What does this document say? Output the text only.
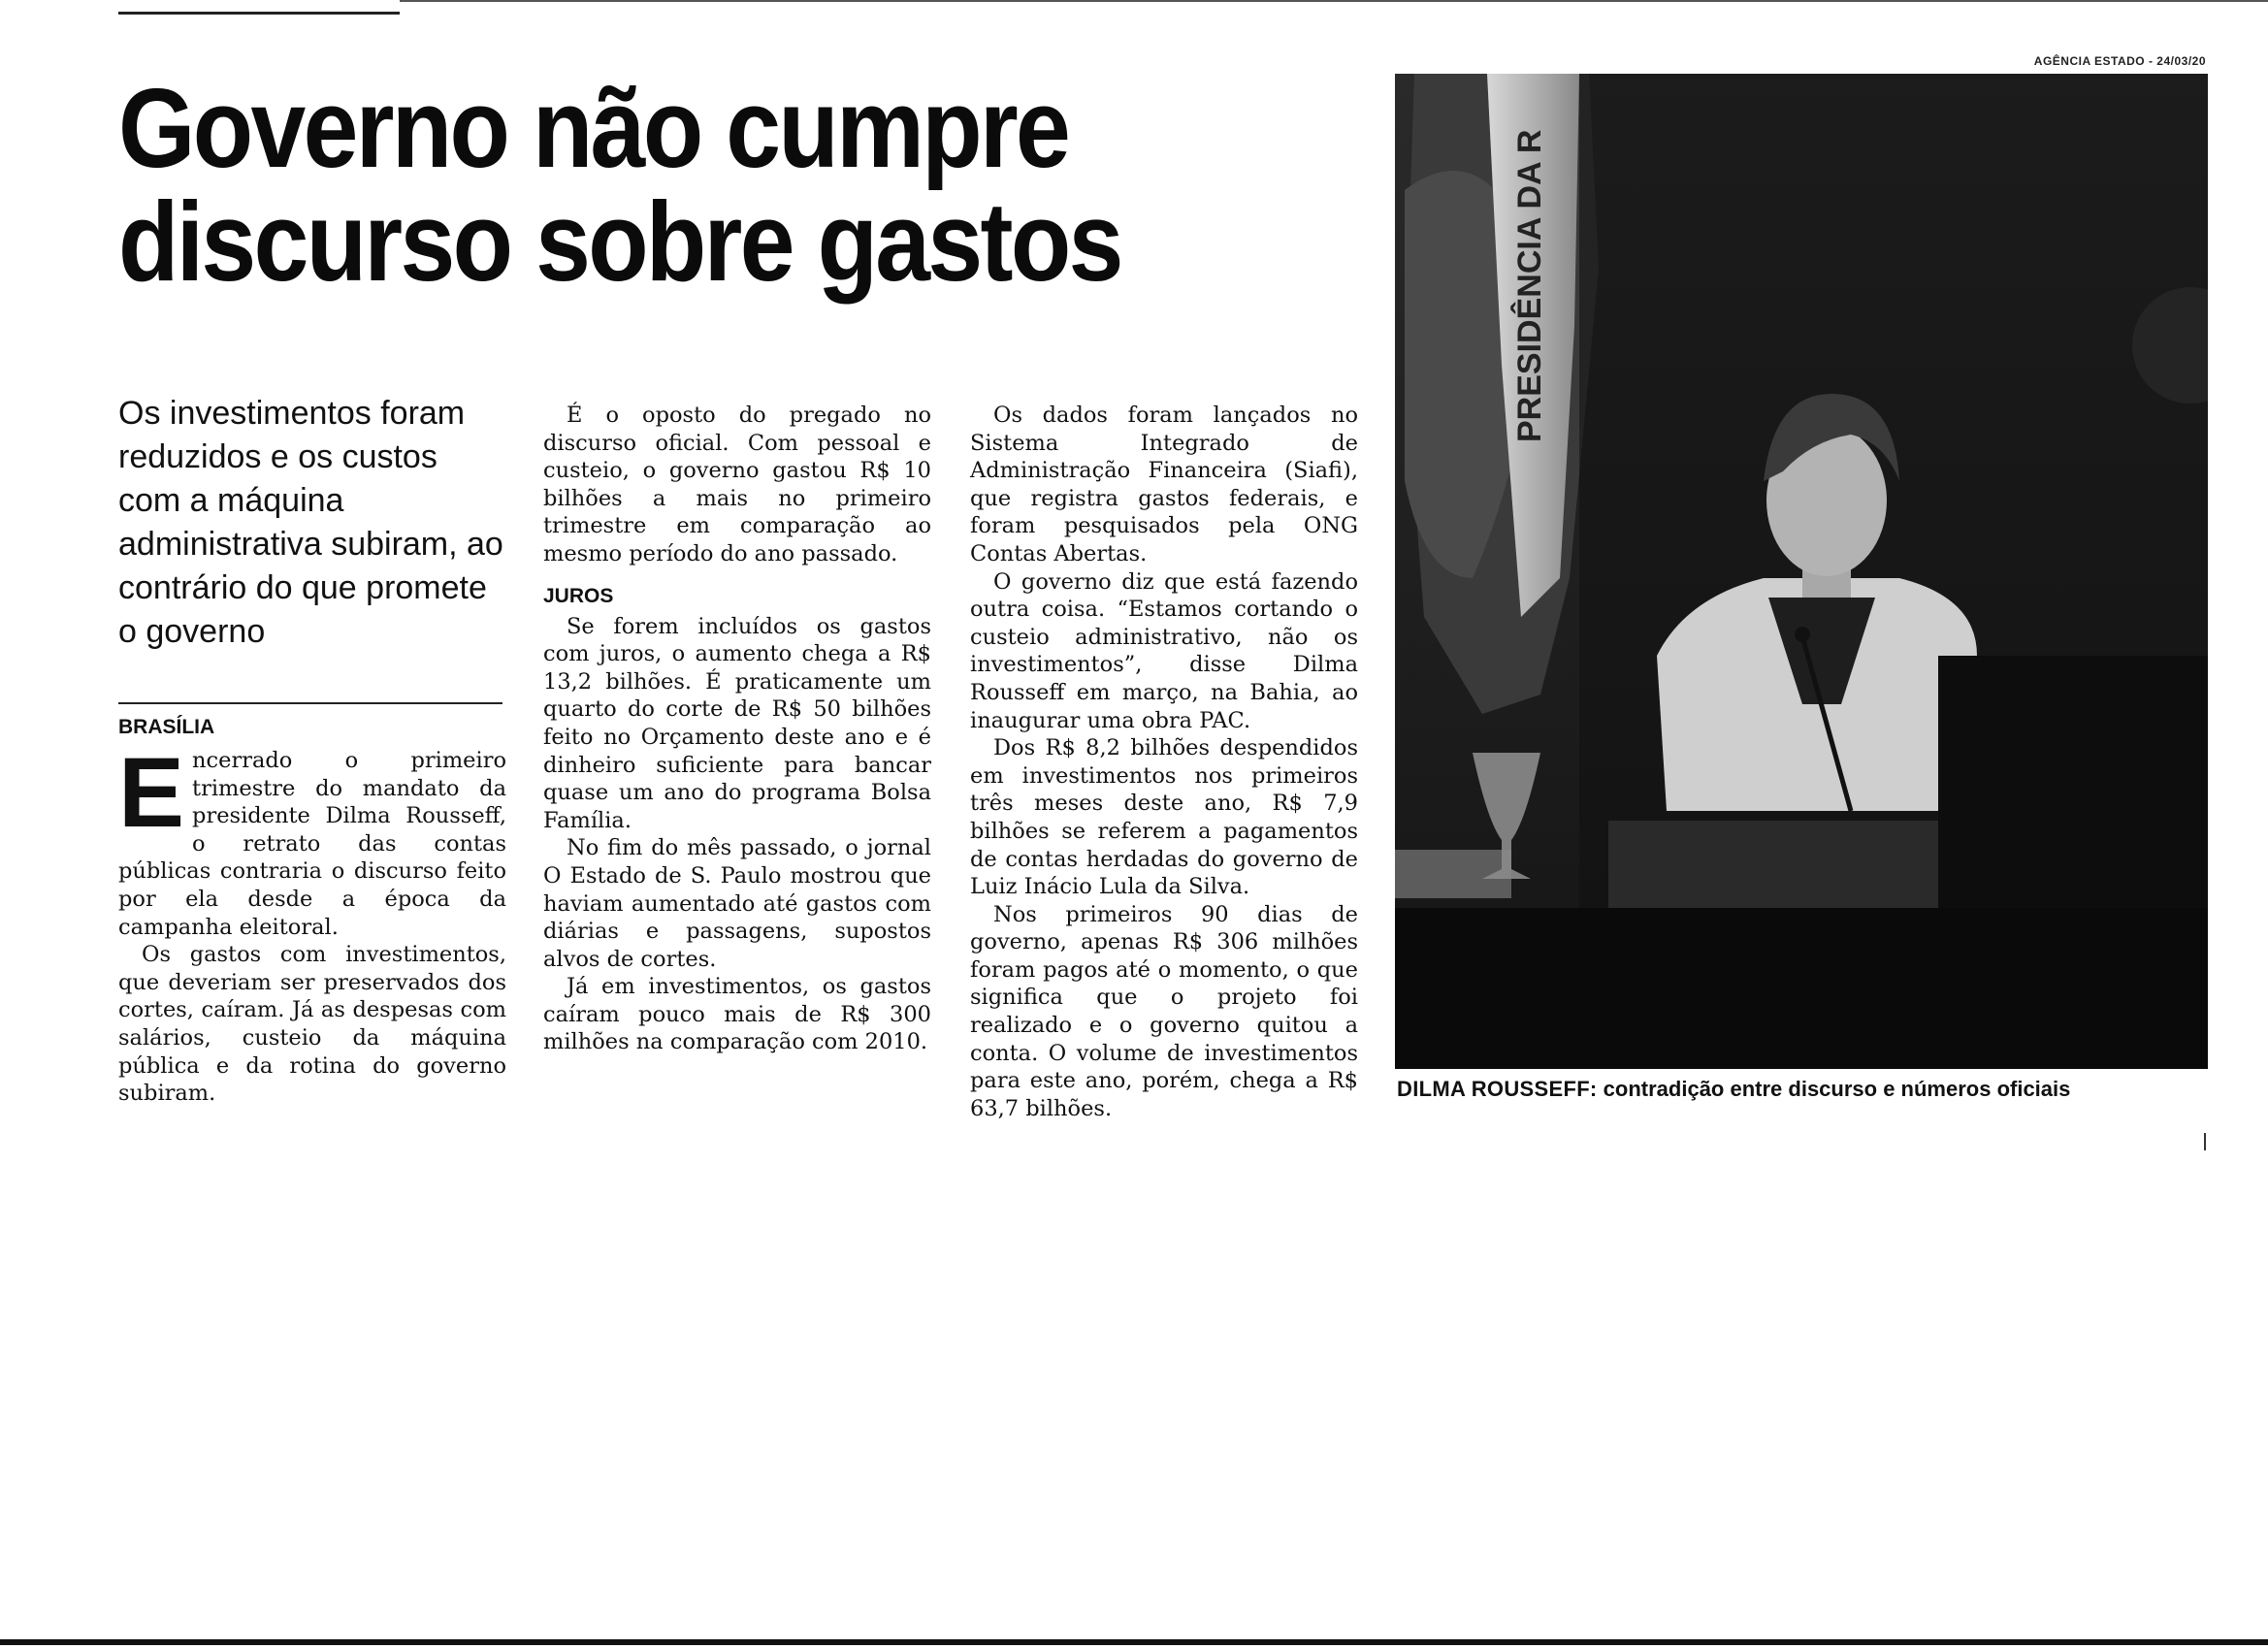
AGÊNCIA ESTADO - 24/03/20
Governo não cumpre
discurso sobre gastos

Os investimentos foram reduzidos e os custos com a máquina administrativa subiram, ao contrário do que promete o governo

BRASÍLIA
E ncerrado o primeiro trimestre do mandato da presidente Dilma Rousseff, o retrato das contas públicas contraria o discurso feito por ela desde a época da campanha eleitoral.

Os gastos com investimentos, que deveriam ser preservados dos cortes, caíram. Já as despesas com salários, custeio da máquina pública e da rotina do governo subiram.

É o oposto do pregado no discurso oficial. Com pessoal e custeio, o governo gastou R$ 10 bilhões a mais no primeiro trimestre em comparação ao mesmo período do ano passado.

JUROS

Se forem incluídos os gastos com juros, o aumento chega a R$ 13,2 bilhões. É praticamente um quarto do corte de R$ 50 bilhões feito no Orçamento deste ano e é dinheiro suficiente para bancar quase um ano do programa Bolsa Família.

No fim do mês passado, o jornal O Estado de S. Paulo mostrou que haviam aumentado até gastos com diárias e passagens, supostos alvos de cortes.

Já em investimentos, os gastos caíram pouco mais de R$ 300 milhões na comparação com 2010.

Os dados foram lançados no Sistema Integrado de Administração Financeira (Siafi), que registra gastos federais, e foram pesquisados pela ONG Contas Abertas.

O governo diz que está fazendo outra coisa. “Estamos cortando o custeio administrativo, não os investimentos”, disse Dilma Rousseff em março, na Bahia, ao inaugurar uma obra PAC.

Dos R$ 8,2 bilhões despendidos em investimentos nos primeiros três meses deste ano, R$ 7,9 bilhões se referem a pagamentos de contas herdadas do governo de Luiz Inácio Lula da Silva.

Nos primeiros 90 dias de governo, apenas R$ 306 milhões foram pagos até o momento, o que significa que o projeto foi realizado e o governo quitou a conta. O volume de investimentos para este ano, porém, chega a R$ 63,7 bilhões.

PRESIDÊNCIA DA R
DILMA ROUSSEFF: contradição entre discurso e números oficiais
